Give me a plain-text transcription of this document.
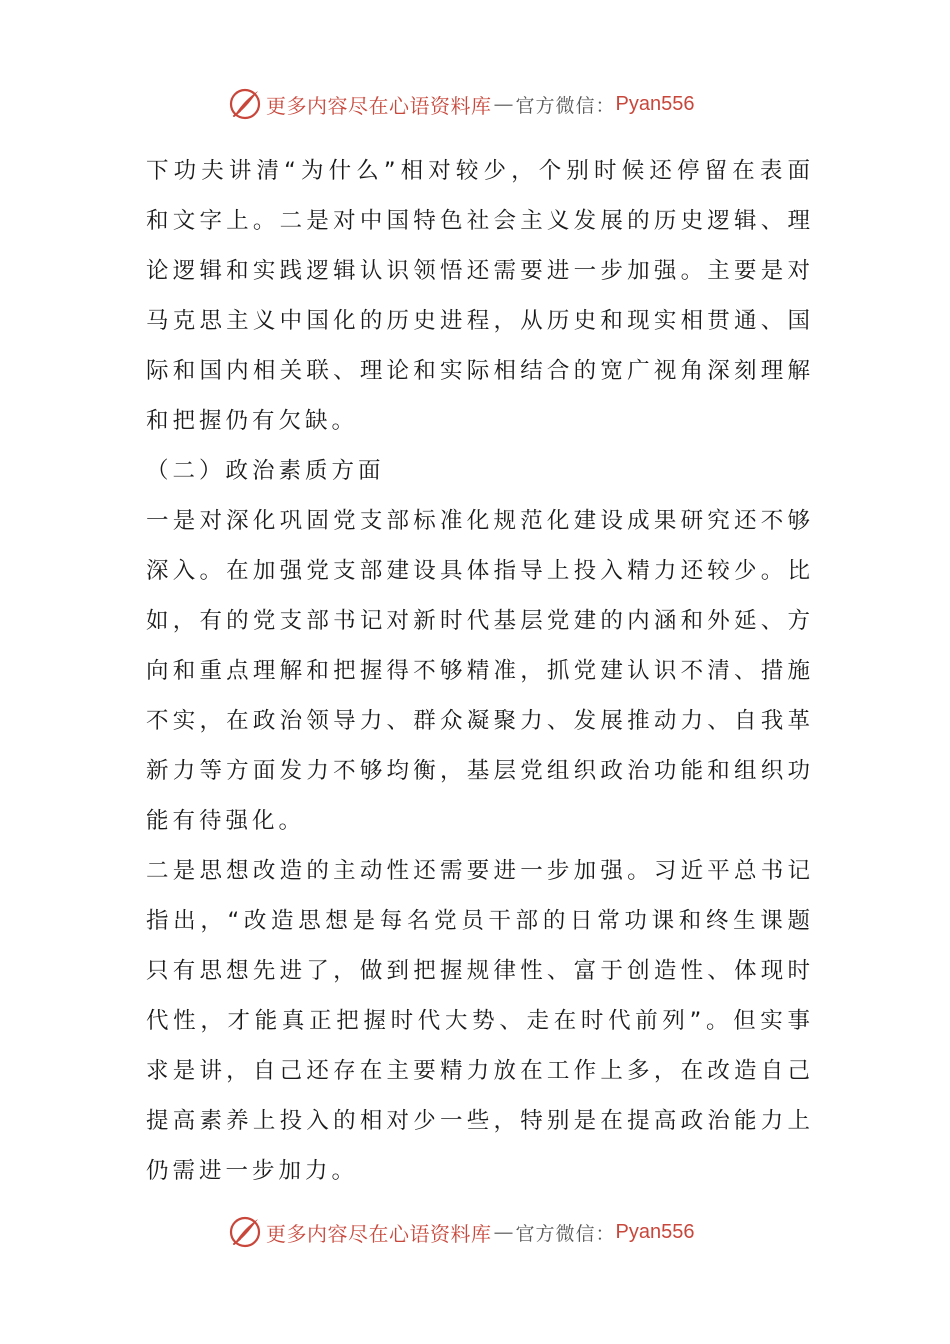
更多内容尽在心语资料库 — 官方微信： Pyan556
下功夫讲清“为什么”相对较少，个别时候还停留在表面
和文字上。二是对中国特色社会主义发展的历史逻辑、理
论逻辑和实践逻辑认识领悟还需要进一步加强。主要是对
马克思主义中国化的历史进程，从历史和现实相贯通、国
际和国内相关联、理论和实际相结合的宽广视角深刻理解
和把握仍有欠缺。
（二）政治素质方面
一是对深化巩固党支部标准化规范化建设成果研究还不够
深入。在加强党支部建设具体指导上投入精力还较少。比
如，有的党支部书记对新时代基层党建的内涵和外延、方
向和重点理解和把握得不够精准，抓党建认识不清、措施
不实，在政治领导力、群众凝聚力、发展推动力、自我革
新力等方面发力不够均衡，基层党组织政治功能和组织功
能有待强化。
二是思想改造的主动性还需要进一步加强。习近平总书记
指出，“改造思想是每名党员干部的日常功课和终生课题
只有思想先进了，做到把握规律性、富于创造性、体现时
代性，才能真正把握时代大势、走在时代前列”。但实事
求是讲，自己还存在主要精力放在工作上多，在改造自己
提高素养上投入的相对少一些，特别是在提高政治能力上
仍需进一步加力。
更多内容尽在心语资料库 — 官方微信： Pyan556
